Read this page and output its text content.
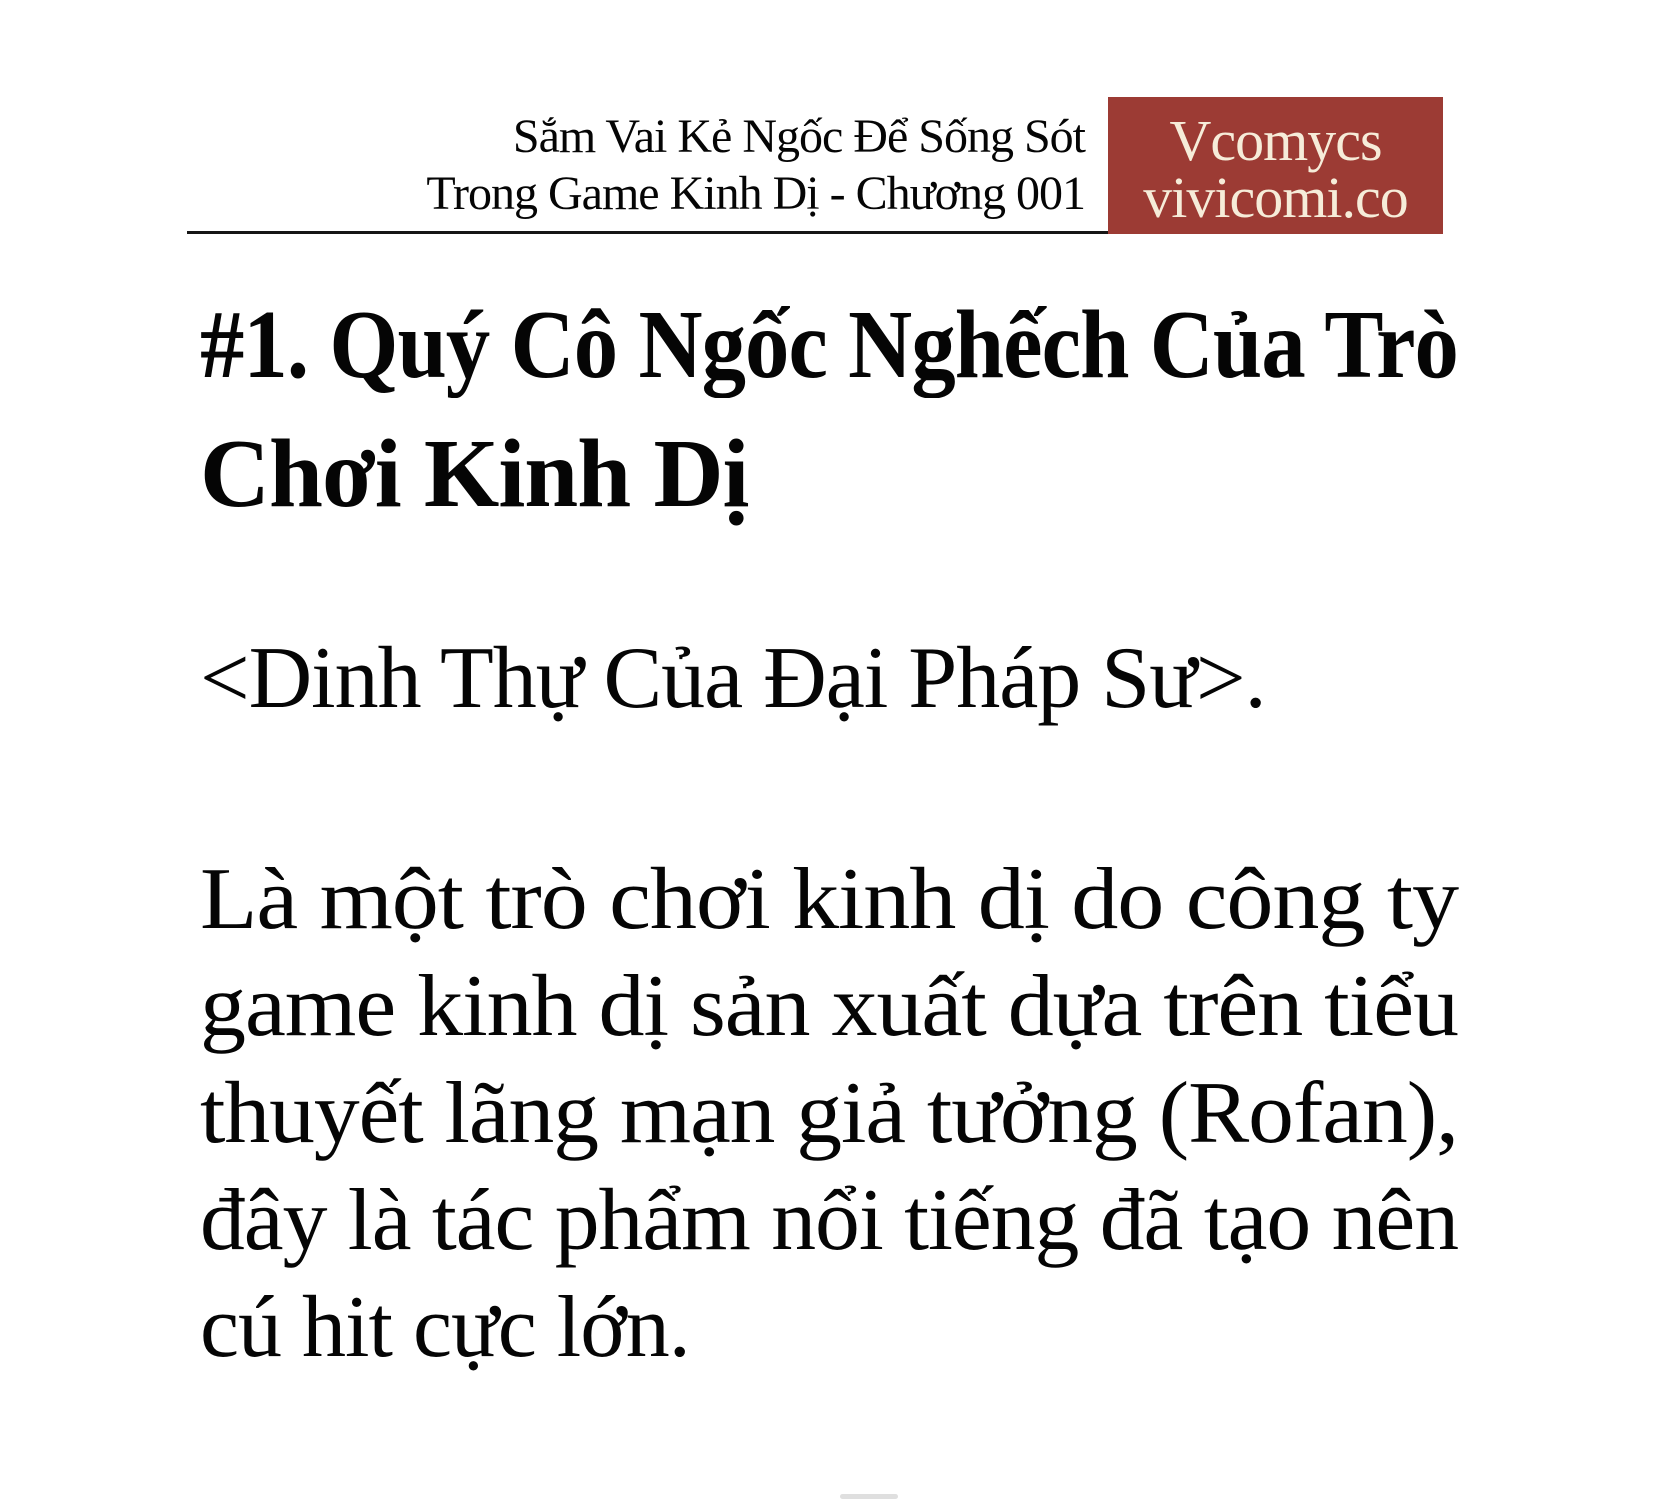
Sắm Vai Kẻ Ngốc Để Sống Sót
Trong Game Kinh Dị - Chương 001
Vcomycs
vivicomi.co
#1. Quý Cô Ngốc Nghếch Của Trò
Chơi Kinh Dị
<Dinh Thự Của Đại Pháp Sư>.
Là một trò chơi kinh dị do công ty
game kinh dị sản xuất dựa trên tiểu
thuyết lãng mạn giả tưởng (Rofan),
đây là tác phẩm nổi tiếng đã tạo nên
cú hit cực lớn.
